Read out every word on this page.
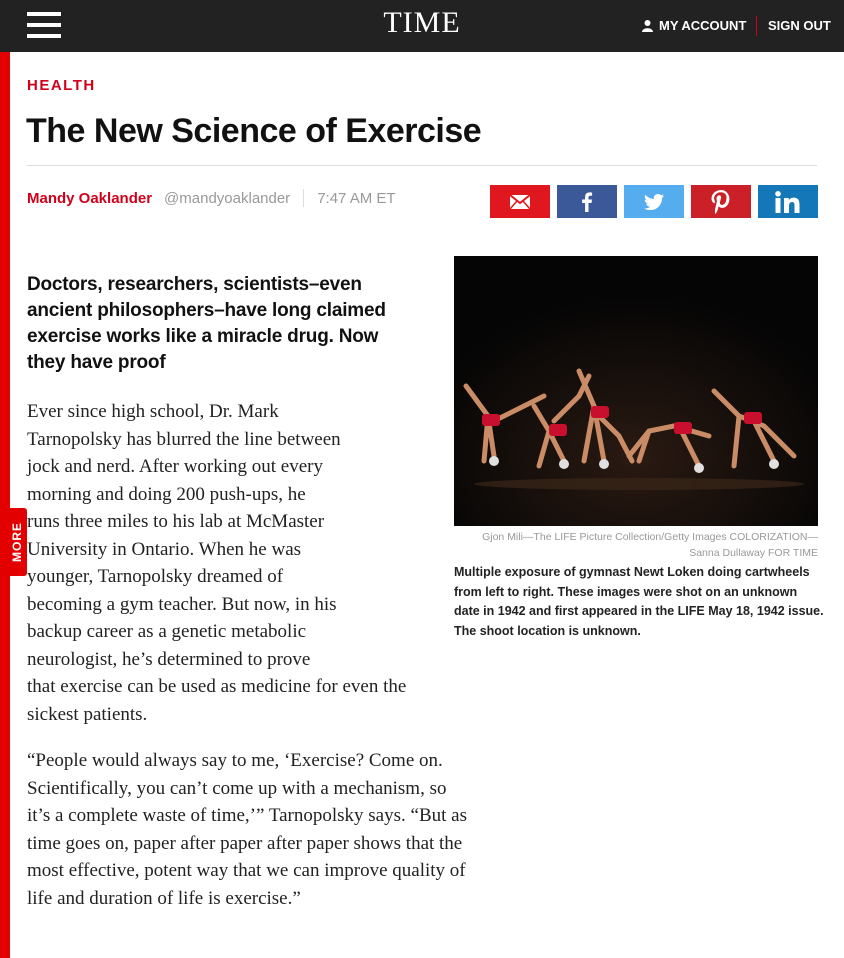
TIME	MY ACCOUNT SIGN OUT
MORE
HEALTH
The New Science of Exercise
Mandy Oaklander @mandyoaklander 7:47 AM ET
Doctors, researchers, scientists–even ancient philosophers–have long claimed exercise works like a miracle drug. Now they have proof
Ever since high school, Dr. Mark
Tarnopolsky has blurred the line between
jock and nerd. After working out every
morning and doing 200 push-ups, he
runs three miles to his lab at McMaster
University in Ontario. When he was
younger, Tarnopolsky dreamed of
becoming a gym teacher. But now, in his
backup career as a genetic metabolic
neurologist, he’s determined to prove
that exercise can be used as medicine for even the
sickest patients.

“People would always say to me, ‘Exercise? Come on. Scientifically, you can’t come up with a mechanism, so it’s a complete waste of time,’” Tarnopolsky says. “But as time goes on, paper after paper after paper shows that the most effective, potent way that we can improve quality of life and duration of life is exercise.”

Gjon Mili—The LIFE Picture Collection/Getty Images COLORIZATION—
Sanna Dullaway FOR TIME
Multiple exposure of gymnast Newt Loken doing cartwheels from left to right. These images were shot on an unknown date in 1942 and first appeared in the LIFE May 18, 1942 issue. The shoot location is unknown.
